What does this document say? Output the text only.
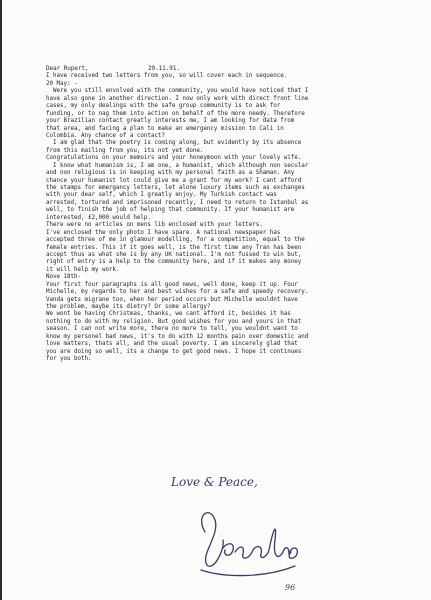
Dear Rupert,	29.11.91.
I have received two letters from you, so will cover each in sequence.
20 May: -
Were you still envolved with the community, you would have noticed that I
have also gone in another direction. I now only work with direct front line
cases, my only dealings with the safe group community is to ask for
funding, or to nag them into action on behalf of the more needy. Therefore
your Brazilian contact greatly interests me, I am looking for data from
that area, and facing a plan to make an emergency mission to Cali in
Colombia. Any chance of a contact?
I am glad that the poetry is coming along, but evidently by its absence
from this mailing from you, its not yet done.
Congratulations on your memoirs and your honeymoon with your lovely wife.
I know what humanism is, I am one, a humanist, which although non secular
and non religious is in keeping with my personal faith as a Shaman. Any
chance your humanist lot could give me a grant for my work? I cant afford
the stamps for emergancy letters, let alone luxury items such as exchanges
with your dear self, which I greatly enjoy. My Turkish contact was
arrested, tortured and imprisoned recently, I need to return to Istanbul as
well, to finish the job of helping that community. If your humanist are
interested, £2,000 would help.
There were no articles on mens lib enclosed with your letters.
I've enclosed the only photo I have spare. A national newspaper has
accepted three of me in glamour modelling, for a competition, equal to the
female entries. This if it goes well, is the first time any Tran has been
accept thus as what she is by any UK national. I'm not fussed to win but,
right of entry is a help to the community here, and if it makes any money
it will help my work.
Nove 18th-
Your first four paragraphs is all good news, well done, keep it up. Four
Michelle, my regards to her and best wishes for a safe and speedy recovery.
Vanda gets migrane too, when her period occurs but Michelle wouldnt have
the problem, maybe its dietry? Or some allergy?
We wont be having Christmas, thanks, we cant afford it, besides it has
nothing to do with my religion. But good wishes for you and yours in that
season. I can not write more, there no more to tell, you wouldnt want to
know my personel bad news, it's to do with 12 months pain over domestic and
love matters, thats all, and the usual poverty. I am sincerely glad that
you are doing so well, its a change to get good news. I hope it continues
for you both.
Love & Peace,
96
